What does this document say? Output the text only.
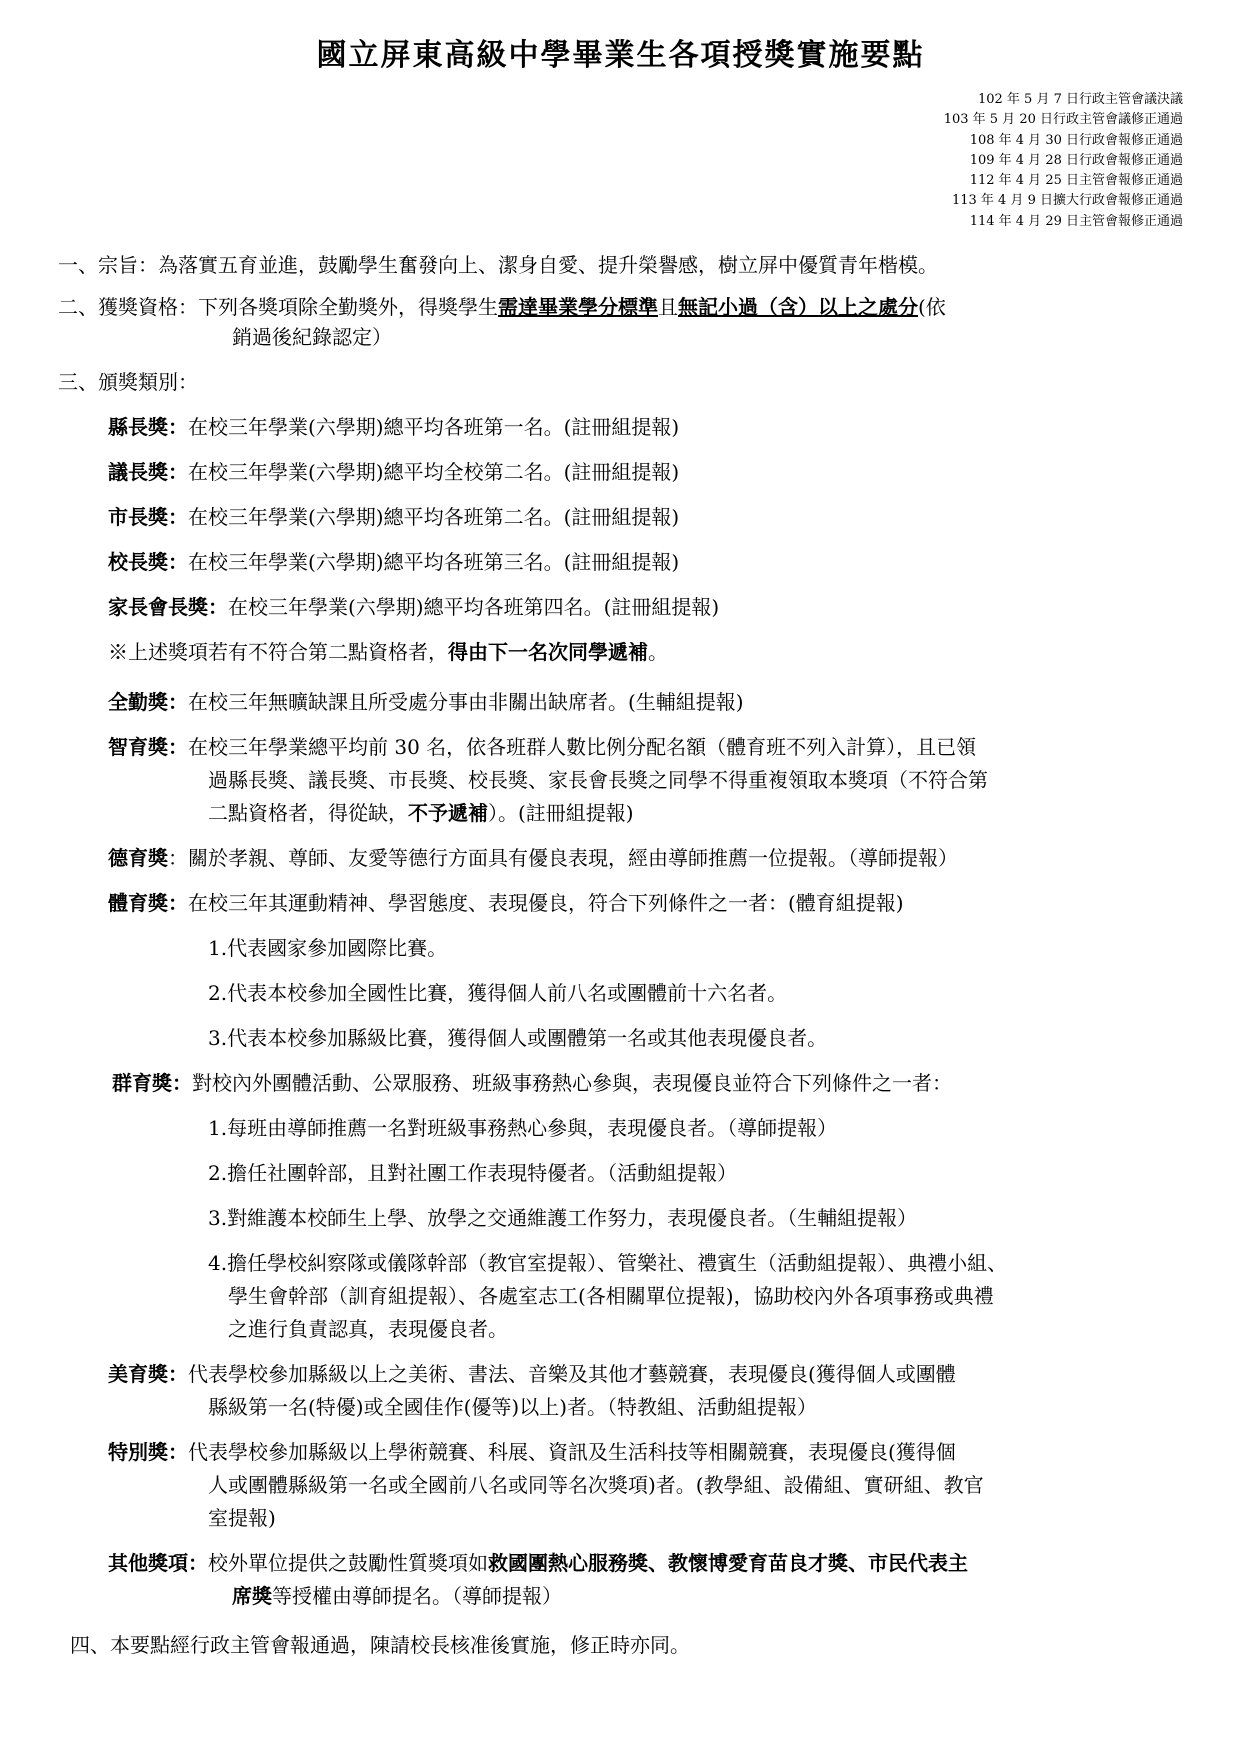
國立屏東高級中學畢業生各項授獎實施要點
102 年 5 月 7 日行政主管會議決議
103 年 5 月 20 日行政主管會議修正通過
108 年 4 月 30 日行政會報修正通過
109 年 4 月 28 日行政會報修正通過
112 年 4 月 25 日主管會報修正通過
113 年 4 月 9 日擴大行政會報修正通過
114 年 4 月 29 日主管會報修正通過
一、宗旨：為落實五育並進，鼓勵學生奮發向上、潔身自愛、提升榮譽感，樹立屏中優質青年楷模。
二、獲獎資格：下列各獎項除全勤獎外，得獎學生需達畢業學分標準且無記小過（含）以上之處分(依
銷過後紀錄認定）
三、頒獎類別：
縣長獎：在校三年學業(六學期)總平均各班第一名。(註冊組提報)
議長獎：在校三年學業(六學期)總平均全校第二名。(註冊組提報)
市長獎：在校三年學業(六學期)總平均各班第二名。(註冊組提報)
校長獎：在校三年學業(六學期)總平均各班第三名。(註冊組提報)
家長會長獎：在校三年學業(六學期)總平均各班第四名。(註冊組提報)
※上述獎項若有不符合第二點資格者，得由下一名次同學遞補。
全勤獎：在校三年無曠缺課且所受處分事由非關出缺席者。(生輔組提報)
智育獎：在校三年學業總平均前 30 名，依各班群人數比例分配名額（體育班不列入計算），且已領
過縣長獎、議長獎、市長獎、校長獎、家長會長獎之同學不得重複領取本獎項（不符合第
二點資格者，得從缺，不予遞補）。(註冊組提報)
德育獎：關於孝親、尊師、友愛等德行方面具有優良表現，經由導師推薦一位提報。（導師提報）
體育獎：在校三年其運動精神、學習態度、表現優良，符合下列條件之一者：(體育組提報)
1.代表國家參加國際比賽。
2.代表本校參加全國性比賽，獲得個人前八名或團體前十六名者。
3.代表本校參加縣級比賽，獲得個人或團體第一名或其他表現優良者。
群育獎：對校內外團體活動、公眾服務、班級事務熱心參與，表現優良並符合下列條件之一者：
1.每班由導師推薦一名對班級事務熱心參與，表現優良者。（導師提報）
2.擔任社團幹部，且對社團工作表現特優者。（活動組提報）
3.對維護本校師生上學、放學之交通維護工作努力，表現優良者。（生輔組提報）
4.擔任學校糾察隊或儀隊幹部（教官室提報）、管樂社、禮賓生（活動組提報）、典禮小組、
學生會幹部（訓育組提報）、各處室志工(各相關單位提報)，協助校內外各項事務或典禮
之進行負責認真，表現優良者。
美育獎：代表學校參加縣級以上之美術、書法、音樂及其他才藝競賽，表現優良(獲得個人或團體
縣級第一名(特優)或全國佳作(優等)以上)者。（特教組、活動組提報）
特別獎：代表學校參加縣級以上學術競賽、科展、資訊及生活科技等相關競賽，表現優良(獲得個
人或團體縣級第一名或全國前八名或同等名次獎項)者。(教學組、設備組、實研組、教官
室提報)
其他獎項：校外單位提供之鼓勵性質獎項如救國團熱心服務獎、教懷博愛育苗良才獎、市民代表主
席獎等授權由導師提名。（導師提報）
四、本要點經行政主管會報通過，陳請校長核准後實施，修正時亦同。
